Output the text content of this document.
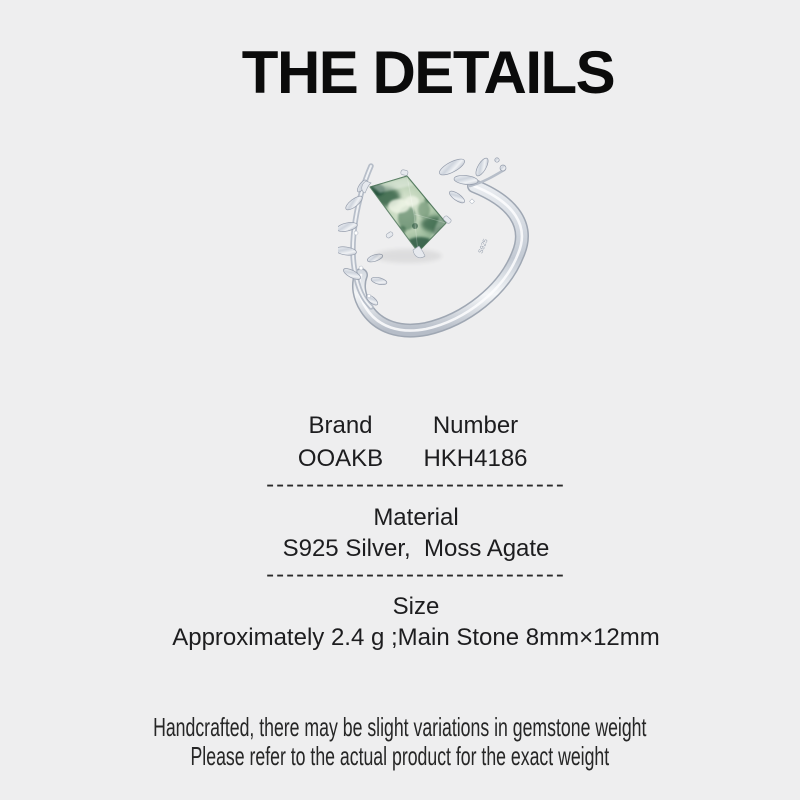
THE DETAILS
S925
Brand	Number
OOAKB	HKH4186
------------------------------
Material
S925 Silver,  Moss Agate
------------------------------
Size
Approximately 2.4 g ;Main Stone 8mm×12mm
Handcrafted, there may be slight variations in gemstone weight
Please refer to the actual product for the exact weight
